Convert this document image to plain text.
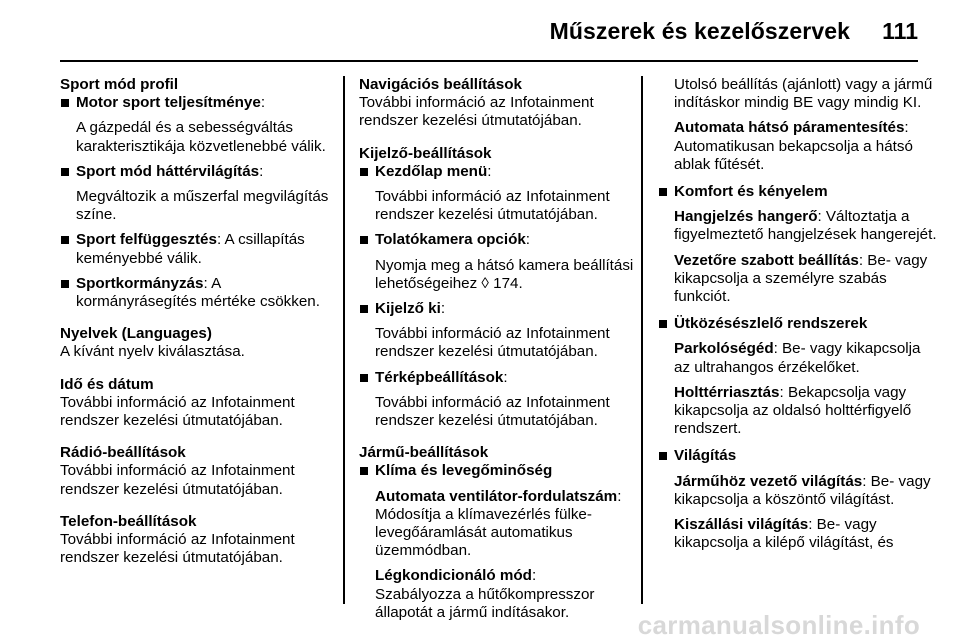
Műszerek és kezelőszervek 111
Sport mód profil
Motor sport teljesítménye:
A gázpedál és a sebességváltás karakterisztikája közvetlenebbé válik.
Sport mód háttérvilágítás:
Megváltozik a műszerfal megvilágítás színe.
Sport felfüggesztés: A csillapítás keményebbé válik.
Sportkormányzás: A kormányrásegítés mértéke csökken.
Nyelvek (Languages)
A kívánt nyelv kiválasztása.
Idő és dátum
További információ az Infotainment rendszer kezelési útmutatójában.
Rádió-beállítások
További információ az Infotainment rendszer kezelési útmutatójában.
Telefon-beállítások
További információ az Infotainment rendszer kezelési útmutatójában.
Navigációs beállítások
További információ az Infotainment rendszer kezelési útmutatójában.
Kijelző-beállítások
Kezdőlap menü:
További információ az Infotainment rendszer kezelési útmutatójában.
Tolatókamera opciók:
Nyomja meg a hátsó kamera beállítási lehetőségeihez ◊ 174.
Kijelző ki:
További információ az Infotainment rendszer kezelési útmutatójában.
Térképbeállítások:
További információ az Infotainment rendszer kezelési útmutatójában.
Jármű-beállítások
Klíma és levegőminőség
Automata ventilátor-fordulatszám: Módosítja a klímavezérlés fülke-levegőáramlását automatikus üzemmódban.
Légkondicionáló mód:
Szabályozza a hűtőkompresszor állapotát a jármű indításakor.
Utolsó beállítás (ajánlott) vagy a jármű indításkor mindig BE vagy mindig KI.
Automata hátsó páramentesítés: Automatikusan bekapcsolja a hátsó ablak fűtését.
Komfort és kényelem
Hangjelzés hangerő: Változtatja a figyelmeztető hangjelzések hangerejét.
Vezetőre szabott beállítás: Be- vagy kikapcsolja a személyre szabás funkciót.
Ütközésészlelő rendszerek
Parkolóségéd: Be- vagy kikapcsolja az ultrahangos érzékelőket.
Holttérriasztás: Bekapcsolja vagy kikapcsolja az oldalsó holttérfigyelő rendszert.
Világítás
Járműhöz vezető világítás: Be- vagy kikapcsolja a köszöntő világítást.
Kiszállási világítás: Be- vagy kikapcsolja a kilépő világítást, és
carmanualsonline.info
